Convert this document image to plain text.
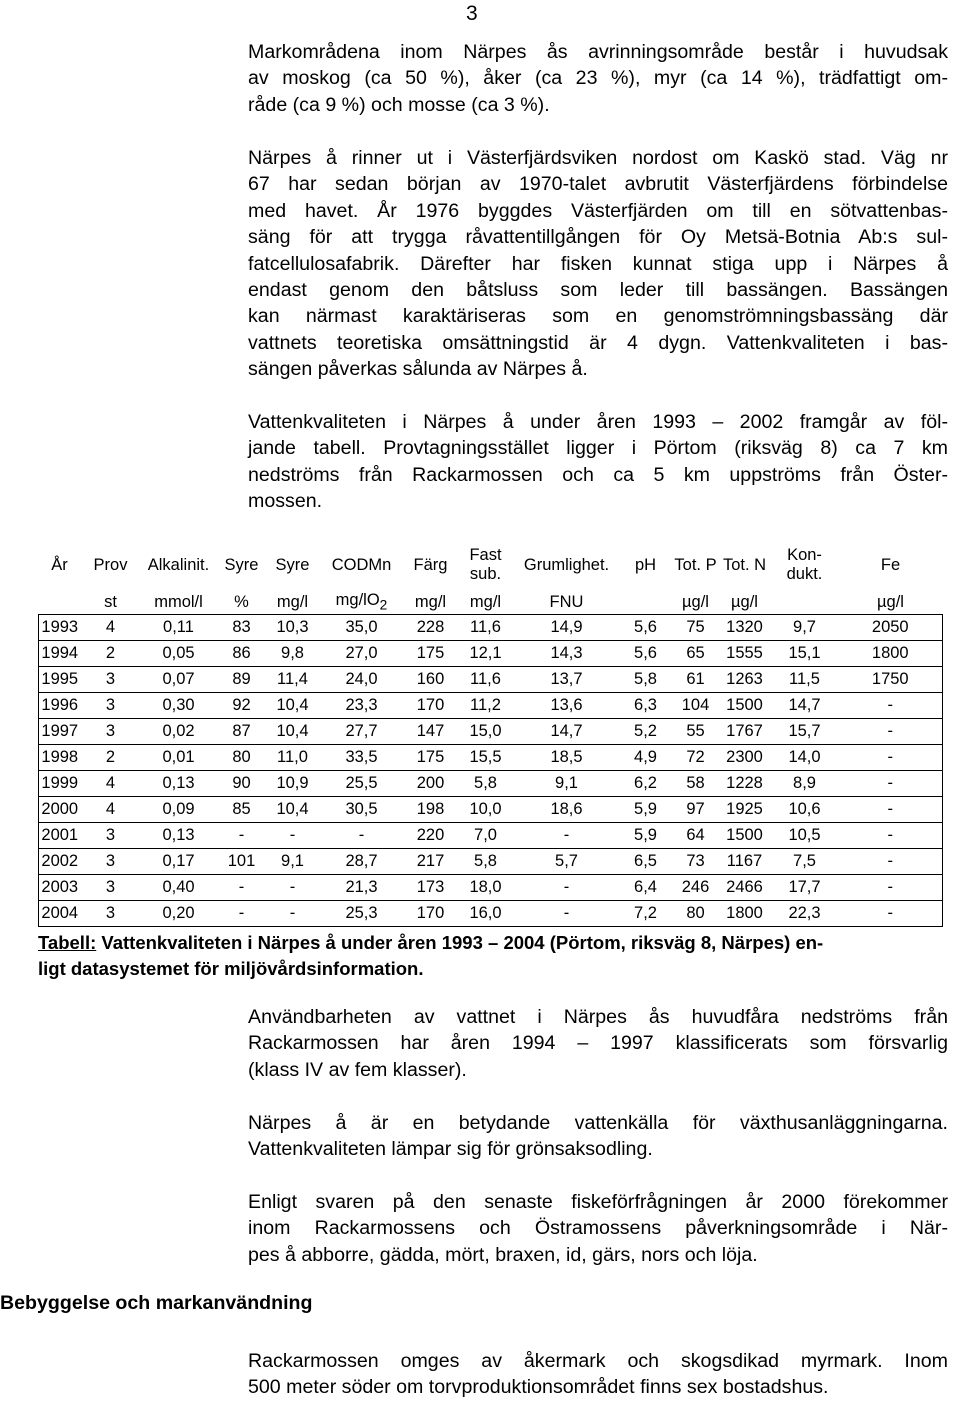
3
Markområdena inom Närpes ås avrinningsområde består i huvudsak
av moskog (ca 50 %), åker (ca 23 %), myr (ca 14 %), trädfattigt om-
råde (ca 9 %) och mosse (ca 3 %).
Närpes å rinner ut i Västerfjärdsviken nordost om Kaskö stad. Väg nr
67 har sedan början av 1970-talet avbrutit Västerfjärdens förbindelse
med havet. År 1976 byggdes Västerfjärden om till en sötvattenbas-
säng för att trygga råvattentillgången för Oy Metsä-Botnia Ab:s sul-
fatcellulosafabrik. Därefter har fisken kunnat stiga upp i Närpes å
endast genom den båtsluss som leder till bassängen. Bassängen
kan närmast karaktäriseras som en genomströmningsbassäng där
vattnets teoretiska omsättningstid är 4 dygn. Vattenkvaliteten i bas-
sängen påverkas sålunda av Närpes å.
Vattenkvaliteten i Närpes å under åren 1993 – 2002 framgår av föl-
jande tabell. Provtagningsstället ligger i Pörtom (riksväg 8) ca 7 km
nedströms från Rackarmossen och ca 5 km uppströms från Öster-
mossen.
År	Prov	Alkalinit.	Syre	Syre	CODMn	Färg	Fast sub.	Grumlighet.	pH	Tot. P	Tot. N	Kon-dukt.	Fe
	st	mmol/l	%	mg/l	$mg/lO_2$	mg/l	mg/l	FNU		µg/l	µg/l		µg/l
1993	4	0,11	83	10,3	35,0	228	11,6	14,9	5,6	75	1320	9,7	2050
1994	2	0,05	86	9,8	27,0	175	12,1	14,3	5,6	65	1555	15,1	1800
1995	3	0,07	89	11,4	24,0	160	11,6	13,7	5,8	61	1263	11,5	1750
1996	3	0,30	92	10,4	23,3	170	11,2	13,6	6,3	104	1500	14,7	-
1997	3	0,02	87	10,4	27,7	147	15,0	14,7	5,2	55	1767	15,7	-
1998	2	0,01	80	11,0	33,5	175	15,5	18,5	4,9	72	2300	14,0	-
1999	4	0,13	90	10,9	25,5	200	5,8	9,1	6,2	58	1228	8,9	-
2000	4	0,09	85	10,4	30,5	198	10,0	18,6	5,9	97	1925	10,6	-
2001	3	0,13	-	-	-	220	7,0	-	5,9	64	1500	10,5	-
2002	3	0,17	101	9,1	28,7	217	5,8	5,7	6,5	73	1167	7,5	-
2003	3	0,40	-	-	21,3	173	18,0	-	6,4	246	2466	17,7	-
2004	3	0,20	-	-	25,3	170	16,0	-	7,2	80	1800	22,3	-

Tabell: Vattenkvaliteten i Närpes å under åren 1993 – 2004 (Pörtom, riksväg 8, Närpes) en-
ligt datasystemet för miljövårdsinformation.

Användbarheten av vattnet i Närpes ås huvudfåra nedströms från
Rackarmossen har åren 1994 – 1997 klassificerats som försvarlig
(klass IV av fem klasser).
Närpes å är en betydande vattenkälla för växthusanläggningarna.
Vattenkvaliteten lämpar sig för grönsaksodling.
Enligt svaren på den senaste fiskeförfrågningen år 2000 förekommer
inom Rackarmossens och Östramossens påverkningsområde i När-
pes å abborre, gädda, mört, braxen, id, gärs, nors och löja.
Bebyggelse och markanvändning
Rackarmossen omges av åkermark och skogsdikad myrmark. Inom
500 meter söder om torvproduktionsområdet finns sex bostadshus.
